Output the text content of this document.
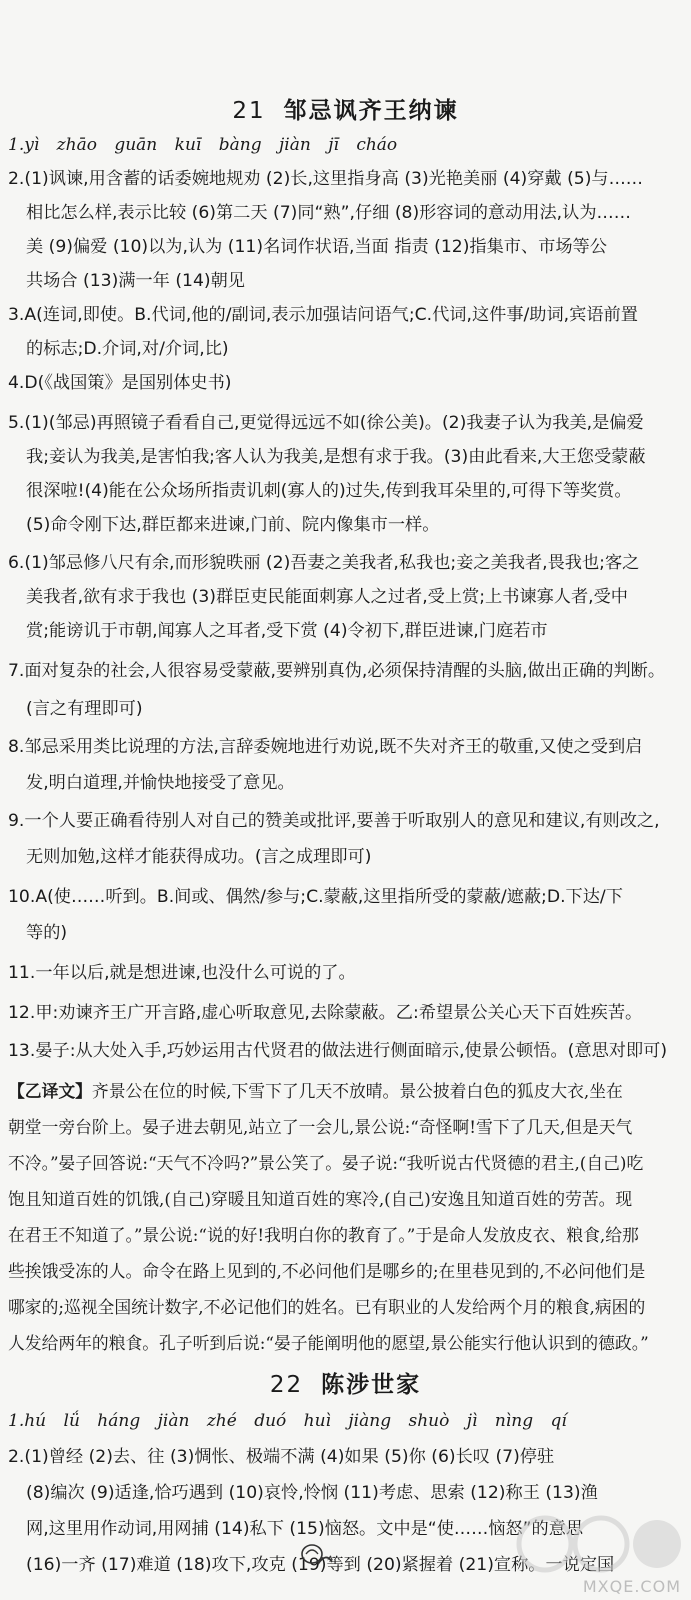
21 邹忌讽齐王纳谏
1.yì zhāo guān kuī bàng jiàn jī cháo
2.(1)讽谏,用含蓄的话委婉地规劝 (2)长,这里指身高 (3)光艳美丽 (4)穿戴 (5)与……
相比怎么样,表示比较 (6)第二天 (7)同“熟”,仔细 (8)形容词的意动用法,认为……
美 (9)偏爱 (10)以为,认为 (11)名词作状语,当面 指责 (12)指集市、市场等公
共场合 (13)满一年 (14)朝见
3.A(连词,即使。B.代词,他的/副词,表示加强诘问语气;C.代词,这件事/助词,宾语前置
的标志;D.介词,对/介词,比)
4.D(《战国策》是国别体史书)
5.(1)(邹忌)再照镜子看看自己,更觉得远远不如(徐公美)。(2)我妻子认为我美,是偏爱
我;妾认为我美,是害怕我;客人认为我美,是想有求于我。(3)由此看来,大王您受蒙蔽
很深啦!(4)能在公众场所指责讥刺(寡人的)过失,传到我耳朵里的,可得下等奖赏。
(5)命令刚下达,群臣都来进谏,门前、院内像集市一样。
6.(1)邹忌修八尺有余,而形貌昳丽 (2)吾妻之美我者,私我也;妾之美我者,畏我也;客之
美我者,欲有求于我也 (3)群臣吏民能面刺寡人之过者,受上赏;上书谏寡人者,受中
赏;能谤讥于市朝,闻寡人之耳者,受下赏 (4)令初下,群臣进谏,门庭若市
7.面对复杂的社会,人很容易受蒙蔽,要辨别真伪,必须保持清醒的头脑,做出正确的判断。
(言之有理即可)
8.邹忌采用类比说理的方法,言辞委婉地进行劝说,既不失对齐王的敬重,又使之受到启
发,明白道理,并愉快地接受了意见。
9.一个人要正确看待别人对自己的赞美或批评,要善于听取别人的意见和建议,有则改之,
无则加勉,这样才能获得成功。(言之成理即可)
10.A(使……听到。B.间或、偶然/参与;C.蒙蔽,这里指所受的蒙蔽/遮蔽;D.下达/下
等的)
11.一年以后,就是想进谏,也没什么可说的了。
12.甲:劝谏齐王广开言路,虚心听取意见,去除蒙蔽。乙:希望景公关心天下百姓疾苦。
13.晏子:从大处入手,巧妙运用古代贤君的做法进行侧面暗示,使景公顿悟。(意思对即可)
【乙译文】齐景公在位的时候,下雪下了几天不放晴。景公披着白色的狐皮大衣,坐在
朝堂一旁台阶上。晏子进去朝见,站立了一会儿,景公说:“奇怪啊!雪下了几天,但是天气
不冷。”晏子回答说:“天气不冷吗?”景公笑了。晏子说:“我听说古代贤德的君主,(自己)吃
饱且知道百姓的饥饿,(自己)穿暖且知道百姓的寒冷,(自己)安逸且知道百姓的劳苦。现
在君王不知道了。”景公说:“说的好!我明白你的教育了。”于是命人发放皮衣、粮食,给那
些挨饿受冻的人。命令在路上见到的,不必问他们是哪乡的;在里巷见到的,不必问他们是
哪家的;巡视全国统计数字,不必记他们的姓名。已有职业的人发给两个月的粮食,病困的
人发给两年的粮食。孔子听到后说:“晏子能阐明他的愿望,景公能实行他认识到的德政。”
22 陈涉世家
1.hú lǘ háng jiàn zhé duó huì jiàng shuò jì nìng qí
2.(1)曾经 (2)去、往 (3)惆怅、极端不满 (4)如果 (5)你 (6)长叹 (7)停驻
(8)编次 (9)适逢,恰巧遇到 (10)哀怜,怜悯 (11)考虑、思索 (12)称王 (13)渔
网,这里用作动词,用网捕 (14)私下 (15)恼怒。文中是“使……恼怒”的意思
(16)一齐 (17)难道 (18)攻下,攻克 (19)等到 (20)紧握着 (21)宣称。一说定国
MXQE.COM
